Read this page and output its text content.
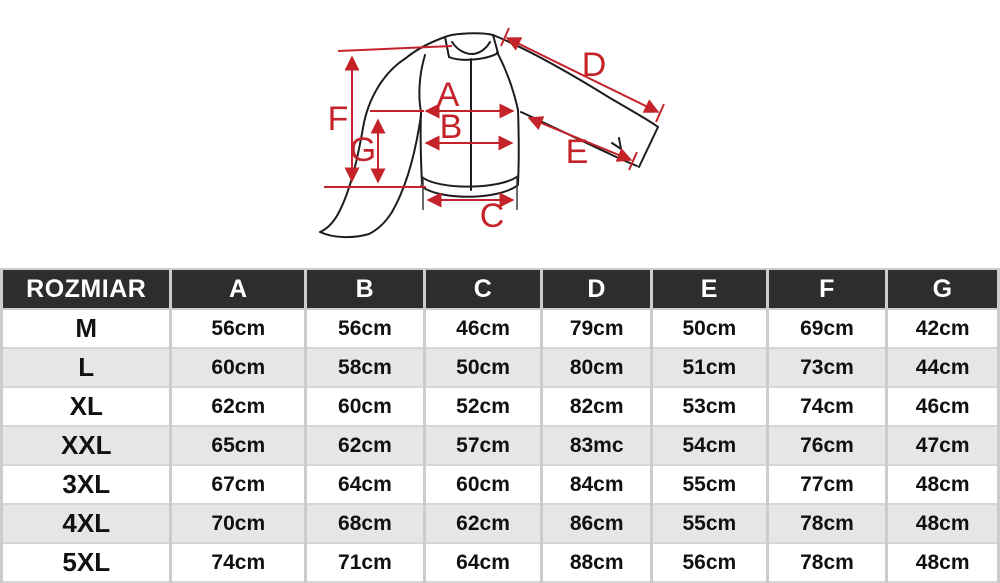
A
B
C
D
E
F
G
ROZMIAR	A	B	C	D	E	F	G
M	56cm	56cm	46cm	79cm	50cm	69cm	42cm
L	60cm	58cm	50cm	80cm	51cm	73cm	44cm
XL	62cm	60cm	52cm	82cm	53cm	74cm	46cm
XXL	65cm	62cm	57cm	83mc	54cm	76cm	47cm
3XL	67cm	64cm	60cm	84cm	55cm	77cm	48cm
4XL	70cm	68cm	62cm	86cm	55cm	78cm	48cm
5XL	74cm	71cm	64cm	88cm	56cm	78cm	48cm
